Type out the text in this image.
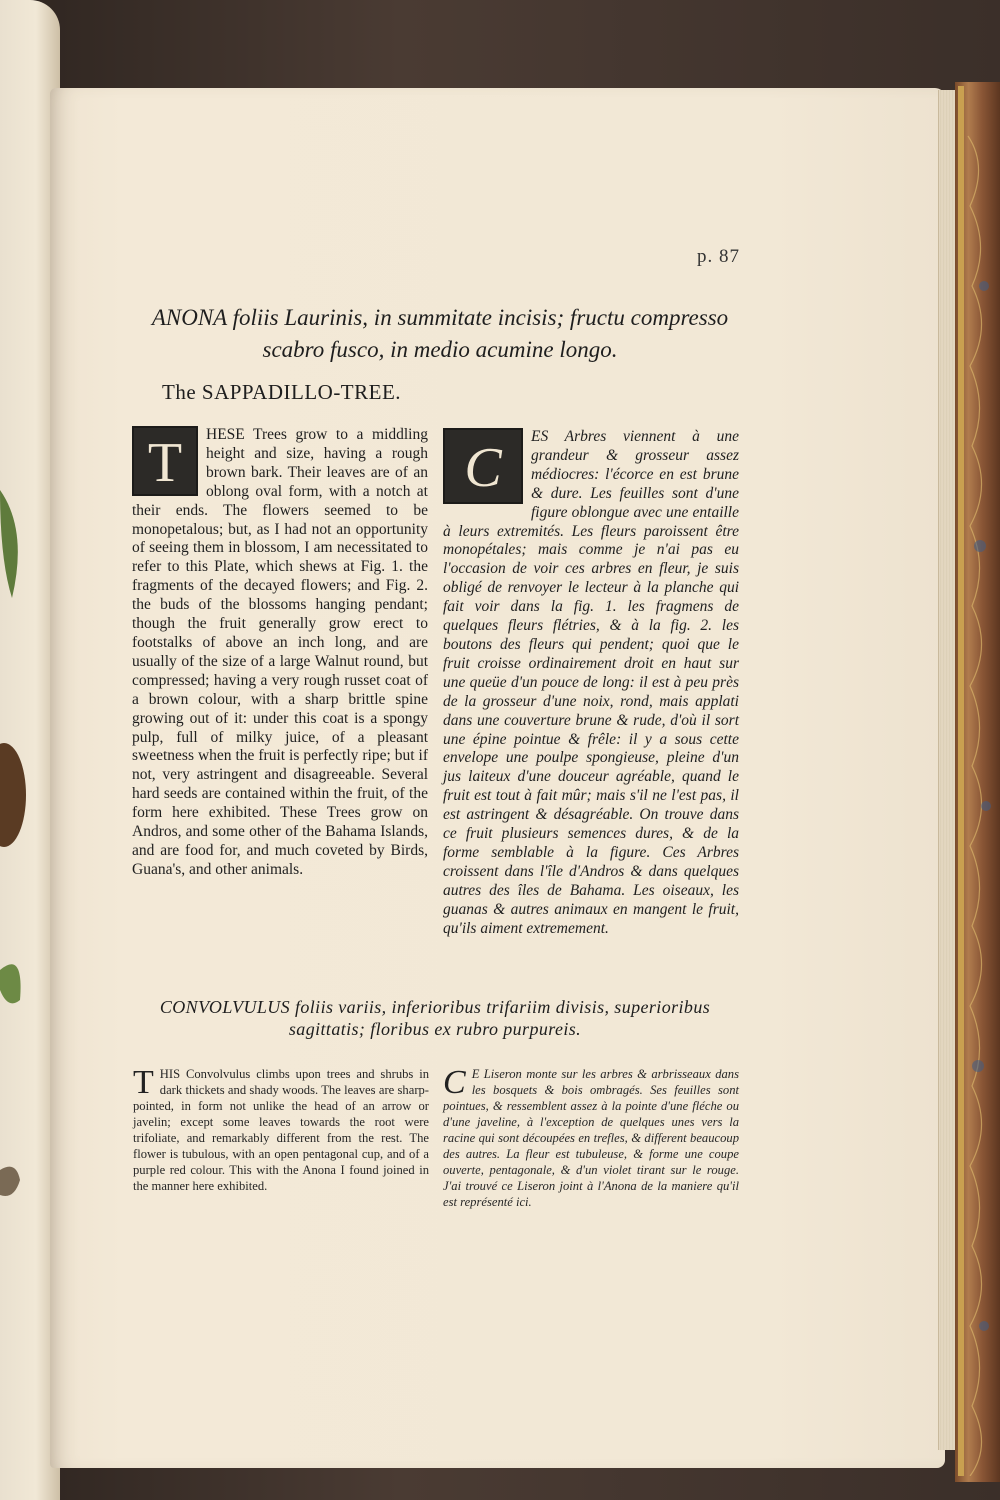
p. 87
ANONA foliis Laurinis, in summitate incisis; fructu compresso scabro fusco, in medio acumine longo.
The SAPPADILLO-TREE.
T	HESE Trees grow to a middling height and size, having a rough brown bark. Their leaves are of an oblong oval form, with a notch at their ends. The flowers seemed to be monopetalous; but, as I had not an opportunity of seeing them in blossom, I am necessitated to refer to this Plate, which shews at Fig. 1. the fragments of the decayed flowers; and Fig. 2. the buds of the blossoms hanging pendant; though the fruit generally grow erect to footstalks of above an inch long, and are usually of the size of a large Walnut round, but compressed; having a very rough russet coat of a brown colour, with a sharp brittle spine growing out of it: under this coat is a spongy pulp, full of milky juice, of a pleasant sweetness when the fruit is perfectly ripe; but if not, very astringent and disagreeable. Several hard seeds are contained within the fruit, of the form here exhibited. These Trees grow on Andros, and some other of the Bahama Islands, and are food for, and much coveted by Birds, Guana's, and other animals.
C
ES Arbres viennent à une grandeur & grosseur assez médiocres: l'écorce en est brune & dure. Les feuilles sont d'une figure oblongue avec une entaille à leurs extremités. Les fleurs paroissent être monopétales; mais comme je n'ai pas eu l'occasion de voir ces arbres en fleur, je suis obligé de renvoyer le lecteur à la planche qui fait voir dans la fig. 1. les fragmens de quelques fleurs flétries, & à la fig. 2. les boutons des fleurs qui pendent; quoi que le fruit croisse ordinairement droit en haut sur une queüe d'un pouce de long: il est à peu près de la grosseur d'une noix, rond, mais applati dans une couverture brune & rude, d'où il sort une épine pointue & frêle: il y a sous cette envelope une poulpe spongieuse, pleine d'un jus laiteux d'une douceur agréable, quand le fruit est tout à fait mûr; mais s'il ne l'est pas, il est astringent & désagréable. On trouve dans ce fruit plusieurs semences dures, & de la forme semblable à la figure. Ces Arbres croissent dans l'île d'Andros & dans quelques autres des îles de Bahama. Les oiseaux, les guanas & autres animaux en mangent le fruit, qu'ils aiment extremement.
CONVOLVULUS foliis variis, inferioribus trifariim divisis, superioribus sagittatis; floribus ex rubro purpureis.
T HIS Convolvulus climbs upon trees and shrubs in dark thickets and shady woods. The leaves are sharp-pointed, in form not unlike the head of an arrow or javelin; except some leaves towards the root were trifoliate, and remarkably different from the rest. The flower is tubulous, with an open pentagonal cup, and of a purple red colour. This with the Anona I found joined in the manner here exhibited.
C E Liseron monte sur les arbres & arbrisseaux dans les bosquets & bois ombragés. Ses feuilles sont pointues, & ressemblent assez à la pointe d'une fléche ou d'une javeline, à l'exception de quelques unes vers la racine qui sont découpées en trefles, & different beaucoup des autres. La fleur est tubuleuse, & forme une coupe ouverte, pentagonale, & d'un violet tirant sur le rouge. J'ai trouvé ce Liseron joint à l'Anona de la maniere qu'il est représenté ici.
